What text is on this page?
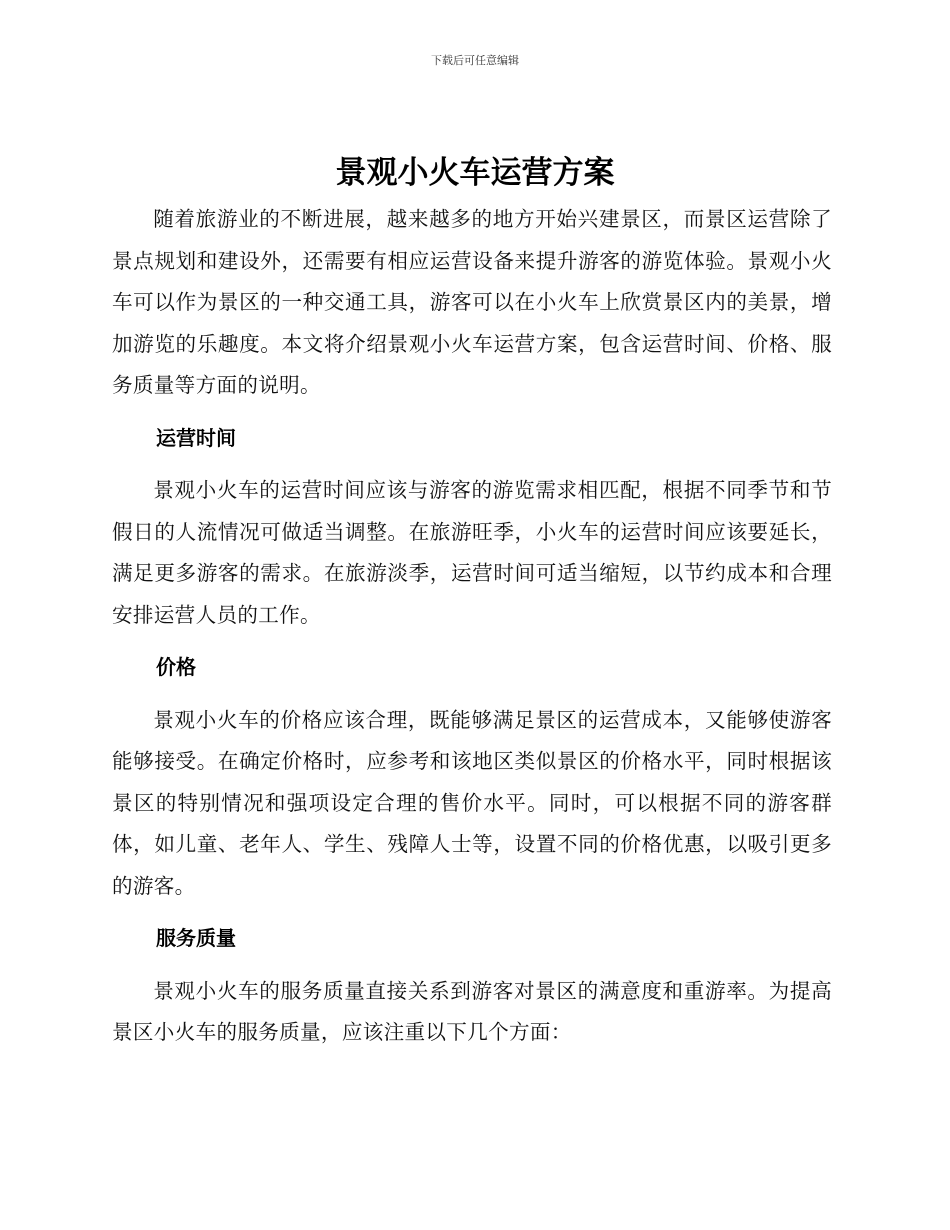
下载后可任意编辑
景观小火车运营方案

随着旅游业的不断进展，越来越多的地方开始兴建景区，而景区运营除了景点规划和建设外，还需要有相应运营设备来提升游客的游览体验。景观小火车可以作为景区的一种交通工具，游客可以在小火车上欣赏景区内的美景，增加游览的乐趣度。本文将介绍景观小火车运营方案，包含运营时间、价格、服务质量等方面的说明。

运营时间

景观小火车的运营时间应该与游客的游览需求相匹配，根据不同季节和节假日的人流情况可做适当调整。在旅游旺季，小火车的运营时间应该要延长，满足更多游客的需求。在旅游淡季，运营时间可适当缩短，以节约成本和合理安排运营人员的工作。

价格

景观小火车的价格应该合理，既能够满足景区的运营成本，又能够使游客能够接受。在确定价格时，应参考和该地区类似景区的价格水平，同时根据该景区的特别情况和强项设定合理的售价水平。同时，可以根据不同的游客群体，如儿童、老年人、学生、残障人士等，设置不同的价格优惠，以吸引更多的游客。

服务质量

景观小火车的服务质量直接关系到游客对景区的满意度和重游率。为提高景区小火车的服务质量，应该注重以下几个方面：
